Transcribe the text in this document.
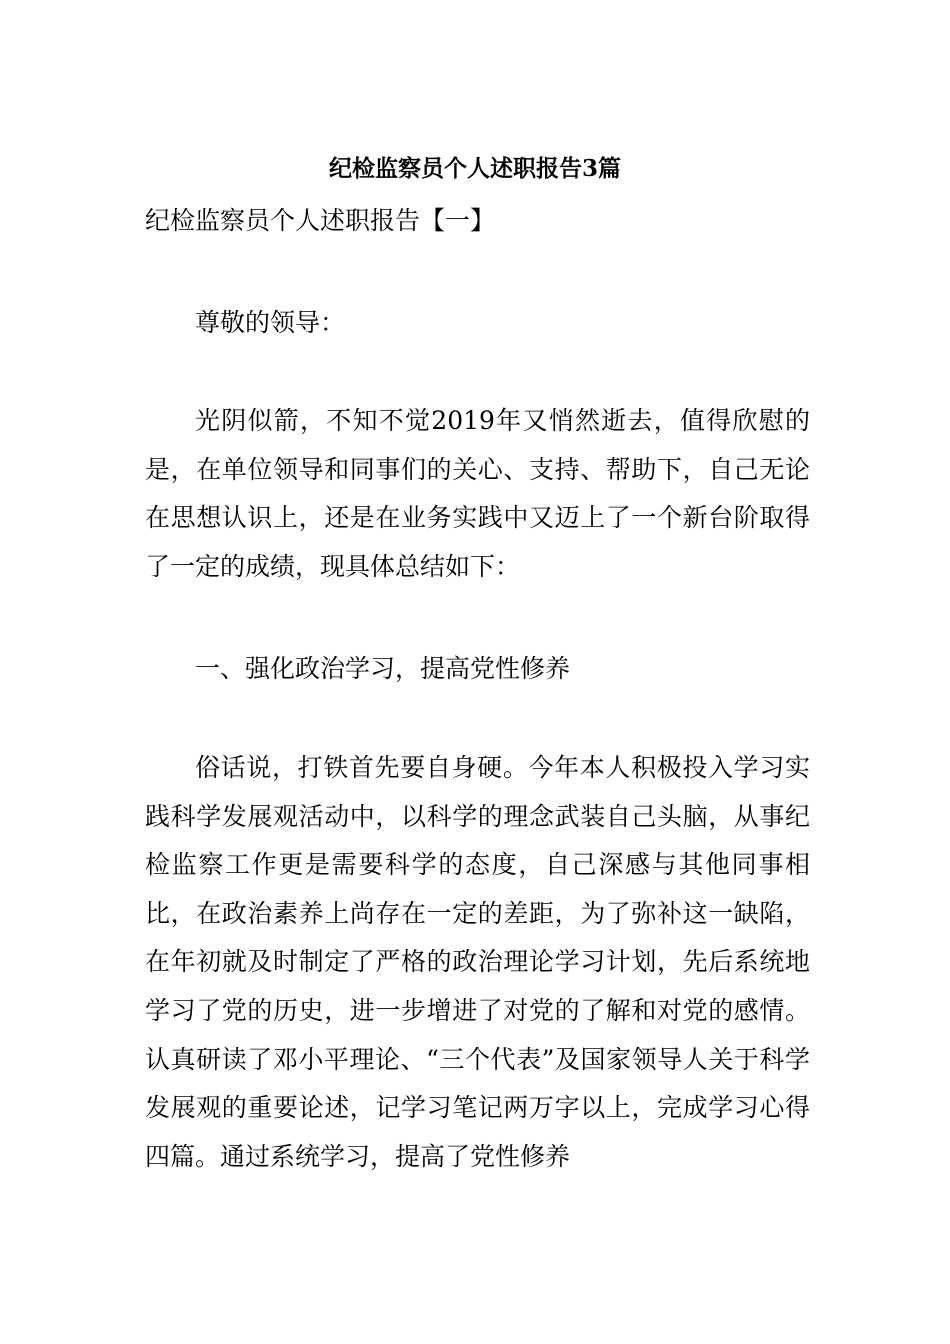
纪检监察员个人述职报告3篇
纪检监察员个人述职报告【一】

尊敬的领导：

光阴似箭，不知不觉2019年又悄然逝去，值得欣慰的是，在单位领导和同事们的关心、支持、帮助下，自己无论在思想认识上，还是在业务实践中又迈上了一个新台阶取得了一定的成绩，现具体总结如下：

一、强化政治学习，提高党性修养

俗话说，打铁首先要自身硬。今年本人积极投入学习实践科学发展观活动中，以科学的理念武装自己头脑，从事纪检监察工作更是需要科学的态度，自己深感与其他同事相比，在政治素养上尚存在一定的差距，为了弥补这一缺陷，在年初就及时制定了严格的政治理论学习计划，先后系统地学习了党的历史，进一步增进了对党的了解和对党的感情。认真研读了邓小平理论、“三个代表”及国家领导人关于科学发展观的重要论述，记学习笔记两万字以上，完成学习心得四篇。通过系统学习，提高了党性修养
